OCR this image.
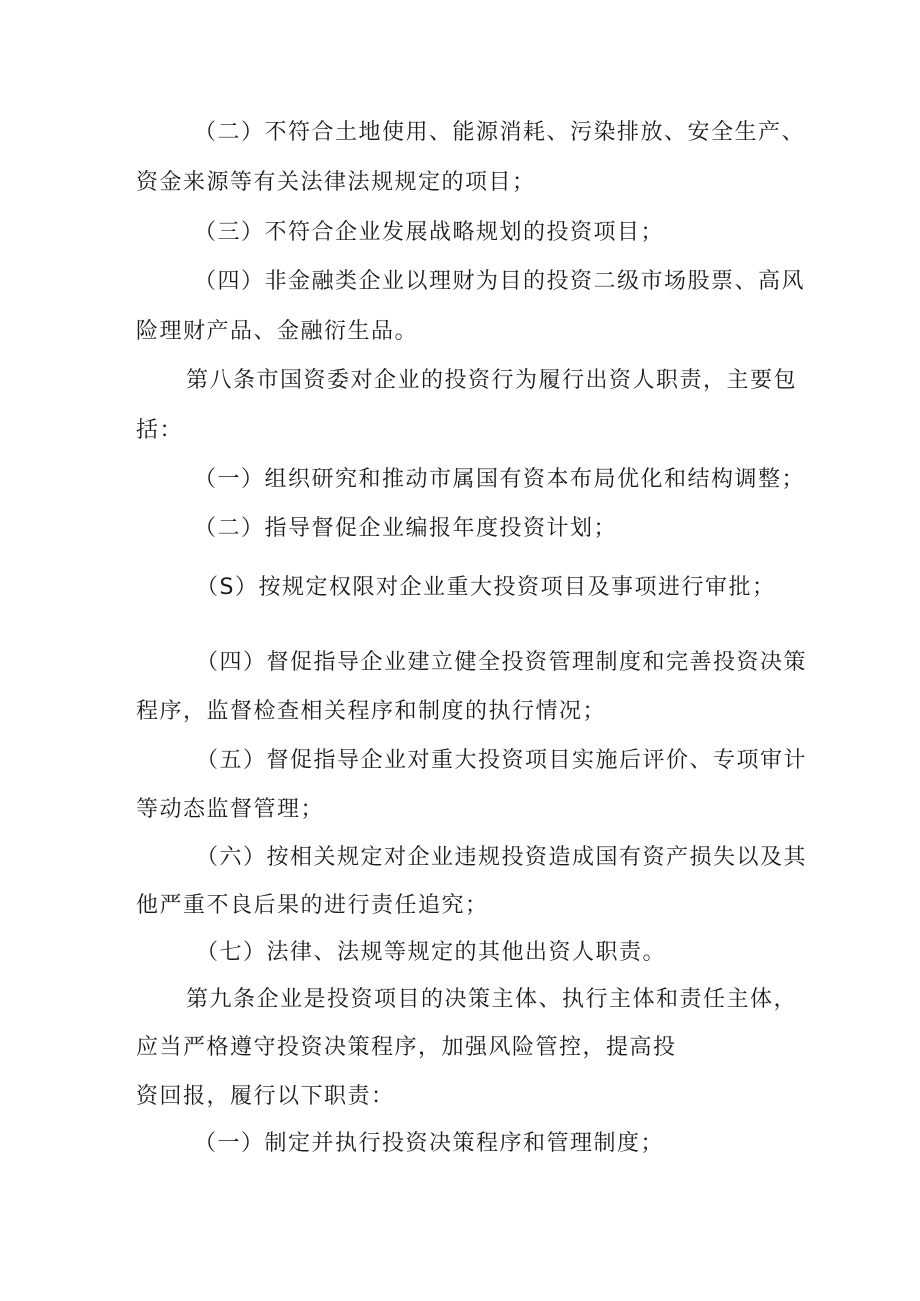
（二）不符合土地使用、能源消耗、污染排放、安全生产、
资金来源等有关法律法规规定的项目；
（三）不符合企业发展战略规划的投资项目；
（四）非金融类企业以理财为目的投资二级市场股票、高风
险理财产品、金融衍生品。
第八条市国资委对企业的投资行为履行出资人职责，主要包
括：
（一）组织研究和推动市属国有资本布局优化和结构调整；
（二）指导督促企业编报年度投资计划；
（S）按规定权限对企业重大投资项目及事项进行审批；
（四）督促指导企业建立健全投资管理制度和完善投资决策
程序，监督检查相关程序和制度的执行情况；
（五）督促指导企业对重大投资项目实施后评价、专项审计
等动态监督管理；
（六）按相关规定对企业违规投资造成国有资产损失以及其
他严重不良后果的进行责任追究；
（七）法律、法规等规定的其他出资人职责。
第九条企业是投资项目的决策主体、执行主体和责任主体，
应当严格遵守投资决策程序，加强风险管控，提高投
资回报，履行以下职责：
（一）制定并执行投资决策程序和管理制度；
